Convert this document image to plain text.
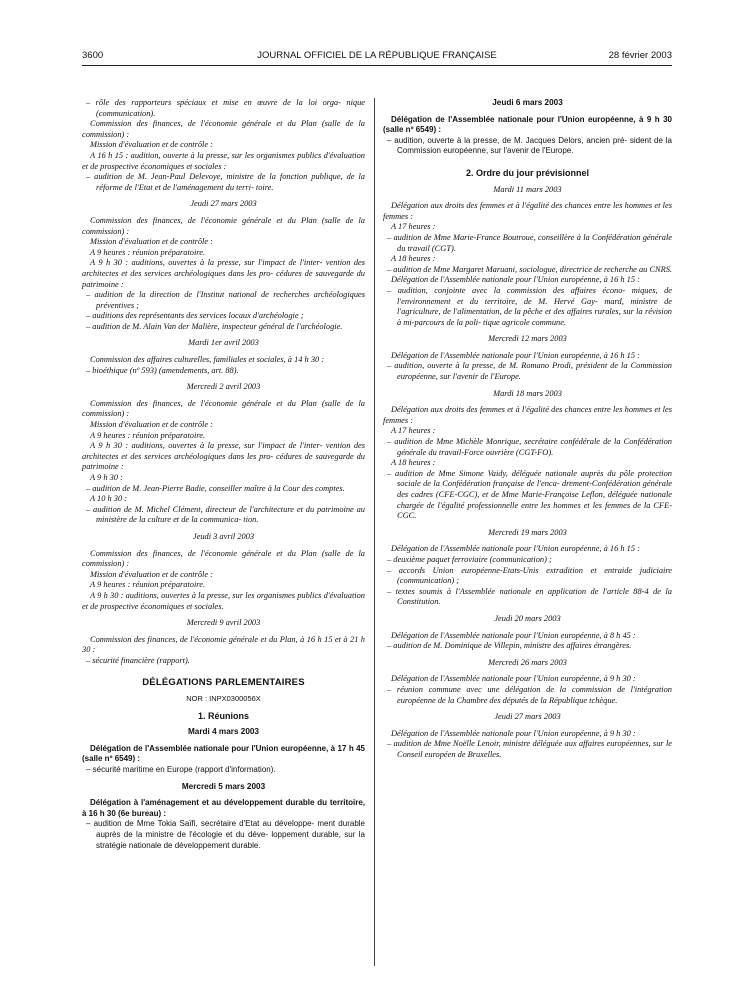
3600	JOURNAL OFFICIEL DE LA RÉPUBLIQUE FRANÇAISE	28 février 2003

– rôle des rapporteurs spéciaux et mise en œuvre de la loi orga- nique (communication).

Commission des finances, de l'économie générale et du Plan (salle de la commission) :

Mission d'évaluation et de contrôle :

A 16 h 15 : audition, ouverte à la presse, sur les organismes publics d'évaluation et de prospective économiques et sociales :

– audition de M. Jean-Paul Delevoye, ministre de la fonction publique, de la réforme de l'Etat et de l'aménagement du terri- toire.

Jeudi 27 mars 2003

Commission des finances, de l'économie générale et du Plan (salle de la commission) :

Mission d'évaluation et de contrôle :

A 9 heures : réunion préparatoire.

A 9 h 30 : auditions, ouvertes à la presse, sur l'impact de l'inter- vention des architectes et des services archéologiques dans les pro- cédures de sauvegarde du patrimoine :

– audition de la direction de l'Institut national de recherches archéologiques préventives ;

– auditions des représentants des services locaux d'archéologie ;

– audition de M. Alain Van der Malière, inspecteur général de l'archéologie.

Mardi 1er avril 2003

Commission des affaires culturelles, familiales et sociales, à 14 h 30 :

– bioéthique (nº 593) (amendements, art. 88).

Mercredi 2 avril 2003

Commission des finances, de l'économie générale et du Plan (salle de la commission) :

Mission d'évaluation et de contrôle :

A 9 heures : réunion préparatoire.

A 9 h 30 : auditions, ouvertes à la presse, sur l'impact de l'inter- vention des architectes et des services archéologiques dans les pro- cédures de sauvegarde du patrimoine :

A 9 h 30 :

– audition de M. Jean-Pierre Badie, conseiller maître à la Cour des comptes.

A 10 h 30 :

– audition de M. Michel Clément, directeur de l'architecture et du patrimoine au ministère de la culture et de la communica- tion.

Jeudi 3 avril 2003

Commission des finances, de l'économie générale et du Plan (salle de la commission) :

Mission d'évaluation et de contrôle :

A 9 heures : réunion préparatoire.

A 9 h 30 : auditions, ouvertes à la presse, sur les organismes publics d'évaluation et de prospective économiques et sociales.

Mercredi 9 avril 2003

Commission des finances, de l'économie générale et du Plan, à 16 h 15 et à 21 h 30 :

– sécurité financière (rapport).

DÉLÉGATIONS PARLEMENTAIRES

NOR : INPX0300056X

1. Réunions

Mardi 4 mars 2003

Délégation de l'Assemblée nationale pour l'Union européenne, à 17 h 45 (salle nº 6549) :

– sécurité maritime en Europe (rapport d'information).

Mercredi 5 mars 2003

Délégation à l'aménagement et au développement durable du territoire, à 16 h 30 (6e bureau) :

– audition de Mme Tokia Saïfi, secrétaire d'Etat au développe- ment durable auprès de la ministre de l'écologie et du déve- loppement durable, sur la stratégie nationale de développement durable.

Jeudi 6 mars 2003

Délégation de l'Assemblée nationale pour l'Union européenne, à 9 h 30 (salle nº 6549) :

– audition, ouverte à la presse, de M. Jacques Delors, ancien pré- sident de la Commission européenne, sur l'avenir de l'Europe.

2. Ordre du jour prévisionnel

Mardi 11 mars 2003

Délégation aux droits des femmes et à l'égalité des chances entre les hommes et les femmes :

A 17 heures :

– audition de Mme Marie-France Boutroue, conseillère à la Confédération générale du travail (CGT).

A 18 heures :

– audition de Mme Margaret Maruani, sociologue, directrice de recherche au CNRS.

Délégation de l'Assemblée nationale pour l'Union européenne, à 16 h 15 :

– audition, conjointe avec la commission des affaires écono- miques, de l'environnement et du territoire, de M. Hervé Gay- mard, ministre de l'agriculture, de l'alimentation, de la pêche et des affaires rurales, sur la révision à mi-parcours de la poli- tique agricole commune.

Mercredi 12 mars 2003

Délégation de l'Assemblée nationale pour l'Union européenne, à 16 h 15 :

– audition, ouverte à la presse, de M. Romano Prodi, président de la Commission européenne, sur l'avenir de l'Europe.

Mardi 18 mars 2003

Délégation aux droits des femmes et à l'égalité des chances entre les hommes et les femmes :

A 17 heures :

– audition de Mme Michèle Monrique, secrétaire confédérale de la Confédération générale du travail-Force ouvrière (CGT-FO).

A 18 heures :

– audition de Mme Simone Vaidy, déléguée nationale auprès du pôle protection sociale de la Confédération française de l'enca- drement-Confédération générale des cadres (CFE-CGC), et de Mme Marie-Françoise Leflon, déléguée nationale chargée de l'égalité professionnelle entre les hommes et les femmes de la CFE-CGC.

Mercredi 19 mars 2003

Délégation de l'Assemblée nationale pour l'Union européenne, à 16 h 15 :

– deuxième paquet ferroviaire (communication) ;

– accords Union européenne-Etats-Unis extradition et entraide judiciaire (communication) ;

– textes soumis à l'Assemblée nationale en application de l'article 88-4 de la Constitution.

Jeudi 20 mars 2003

Délégation de l'Assemblée nationale pour l'Union européenne, à 8 h 45 :

– audition de M. Dominique de Villepin, ministre des affaires étrangères.

Mercredi 26 mars 2003

Délégation de l'Assemblée nationale pour l'Union européenne, à 9 h 30 :

– réunion commune avec une délégation de la commission de l'intégration européenne de la Chambre des députés de la République tchèque.

Jeudi 27 mars 2003

Délégation de l'Assemblée nationale pour l'Union européenne, à 9 h 30 :

– audition de Mme Noëlle Lenoir, ministre déléguée aux affaires européennes, sur le Conseil européen de Bruxelles.
